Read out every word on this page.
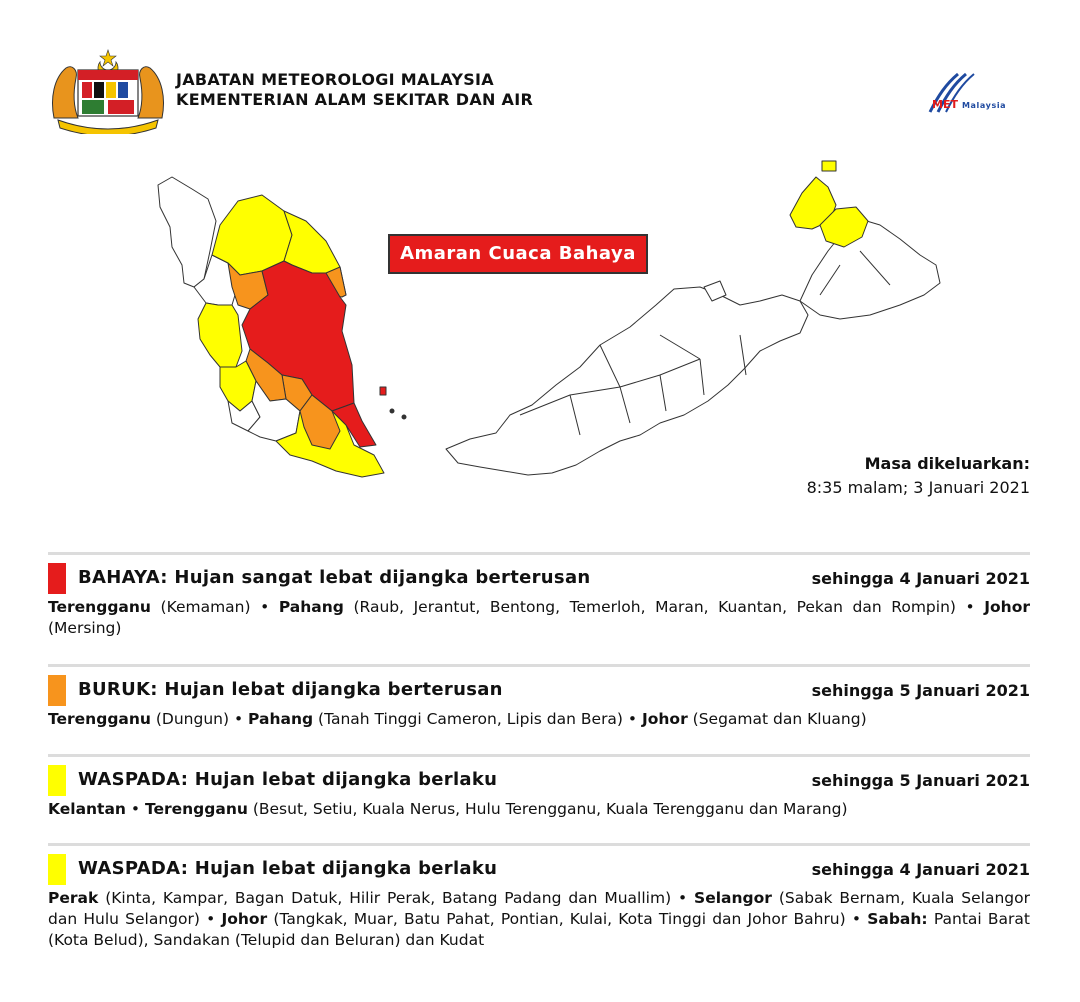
JABATAN METEOROLOGI MALAYSIA
KEMENTERIAN ALAM SEKITAR DAN AIR	MET Malaysia
Amaran Cuaca Bahaya
Masa dikeluarkan:
8:35 malam; 3 Januari 2021
BAHAYA: Hujan sangat lebat dijangka berterusan	sehingga 4 Januari 2021
Terengganu (Kemaman) • Pahang (Raub, Jerantut, Bentong, Temerloh, Maran, Kuantan, Pekan dan Rompin) • Johor (Mersing)
BURUK: Hujan lebat dijangka berterusan	sehingga 5 Januari 2021
Terengganu (Dungun) • Pahang (Tanah Tinggi Cameron, Lipis dan Bera) • Johor (Segamat dan Kluang)
WASPADA: Hujan lebat dijangka berlaku	sehingga 5 Januari 2021
Kelantan • Terengganu (Besut, Setiu, Kuala Nerus, Hulu Terengganu, Kuala Terengganu dan Marang)
WASPADA: Hujan lebat dijangka berlaku	sehingga 4 Januari 2021
Perak (Kinta, Kampar, Bagan Datuk, Hilir Perak, Batang Padang dan Muallim) • Selangor (Sabak Bernam, Kuala Selangor dan Hulu Selangor) • Johor (Tangkak, Muar, Batu Pahat, Pontian, Kulai, Kota Tinggi dan Johor Bahru) • Sabah: Pantai Barat (Kota Belud), Sandakan (Telupid dan Beluran) dan Kudat
